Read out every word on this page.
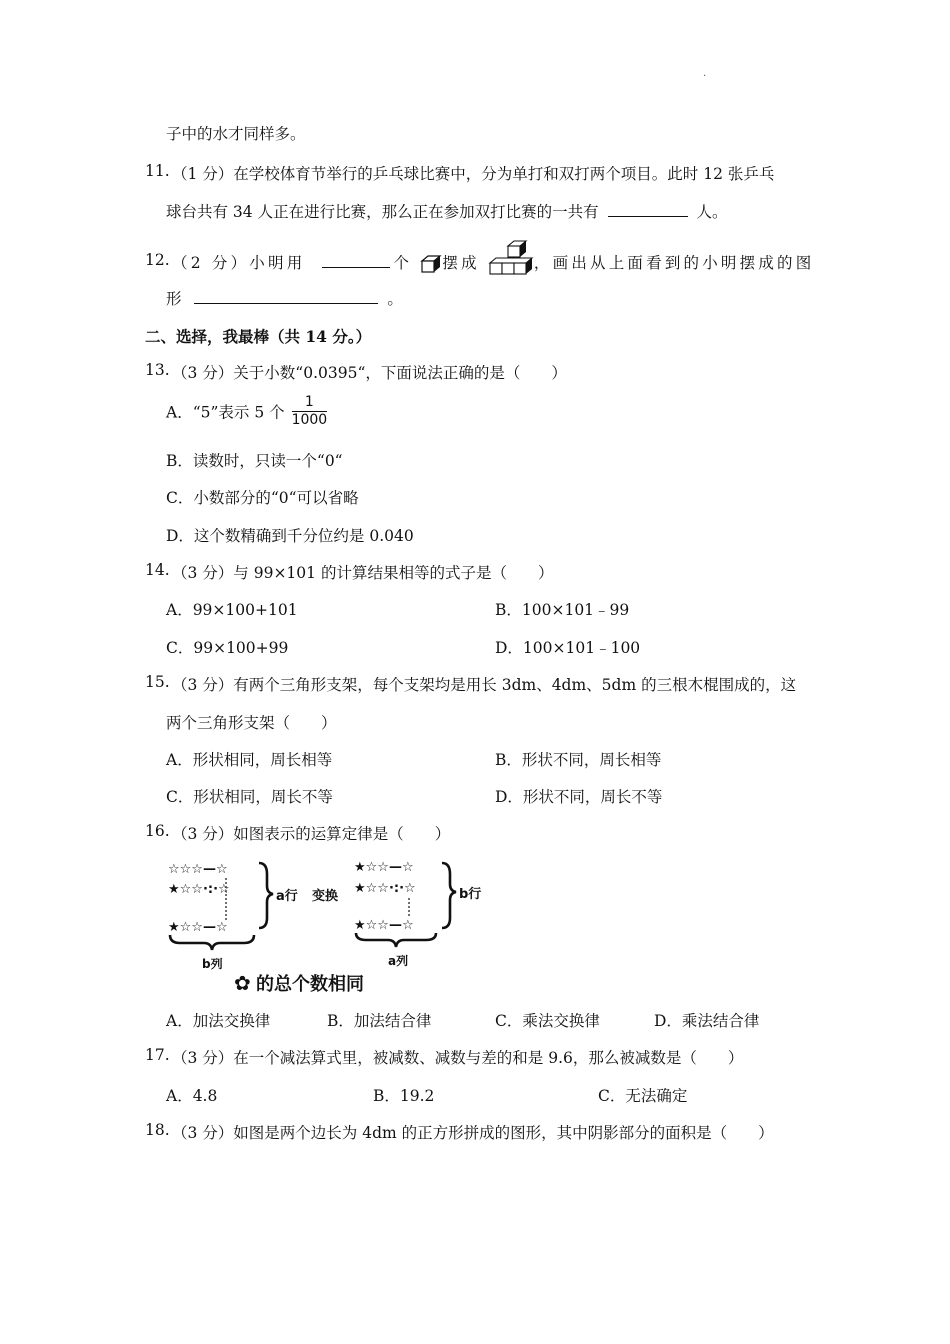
.
子中的水才同样多。
11. （1 分）在学校体育节举行的乒乓球比赛中，分为单打和双打两个项目。此时 12 张乒乓
球台共有 34 人正在进行比赛，那么正在参加双打比赛的一共有	人。
12. （2 分）小明用	个 摆成	，画出从上面看到的小明摆成的图
形	。
二、选择，我最棒（共 14 分。）
13. （3 分）关于小数“0.0395“，下面说法正确的是（　　）
A．“5”表示 5 个 $\frac{1}{1000}$
B．读数时，只读一个“0“
C．小数部分的“0“可以省略
D．这个数精确到千分位约是 0.040
14. （3 分）与 99×101 的计算结果相等的式子是（　　）
A．99×100+101	B．100×101﹣99
C．99×100+99	D．100×101﹣100
15. （3 分）有两个三角形支架，每个支架均是用长 3dm、4dm、5dm 的三根木棍围成的，这
两个三角形支架（　　）
A．形状相同，周长相等	B．形状不同，周长相等
C．形状相同，周长不等	D．形状不同，周长不等
16. （3 分）如图表示的运算定律是（　　）
☆☆☆—☆
★☆☆·:·☆
★☆☆—☆
a行 变换
b列
★☆☆—☆
★☆☆·:·☆
★☆☆—☆
b行
a列
✿ 的总个数相同
A．加法交换律	B．加法结合律	C．乘法交换律	D．乘法结合律
17. （3 分）在一个减法算式里，被减数、减数与差的和是 9.6，那么被减数是（　　）
A．4.8	B．19.2	C．无法确定
18. （3 分）如图是两个边长为 4dm 的正方形拼成的图形，其中阴影部分的面积是（　　）
